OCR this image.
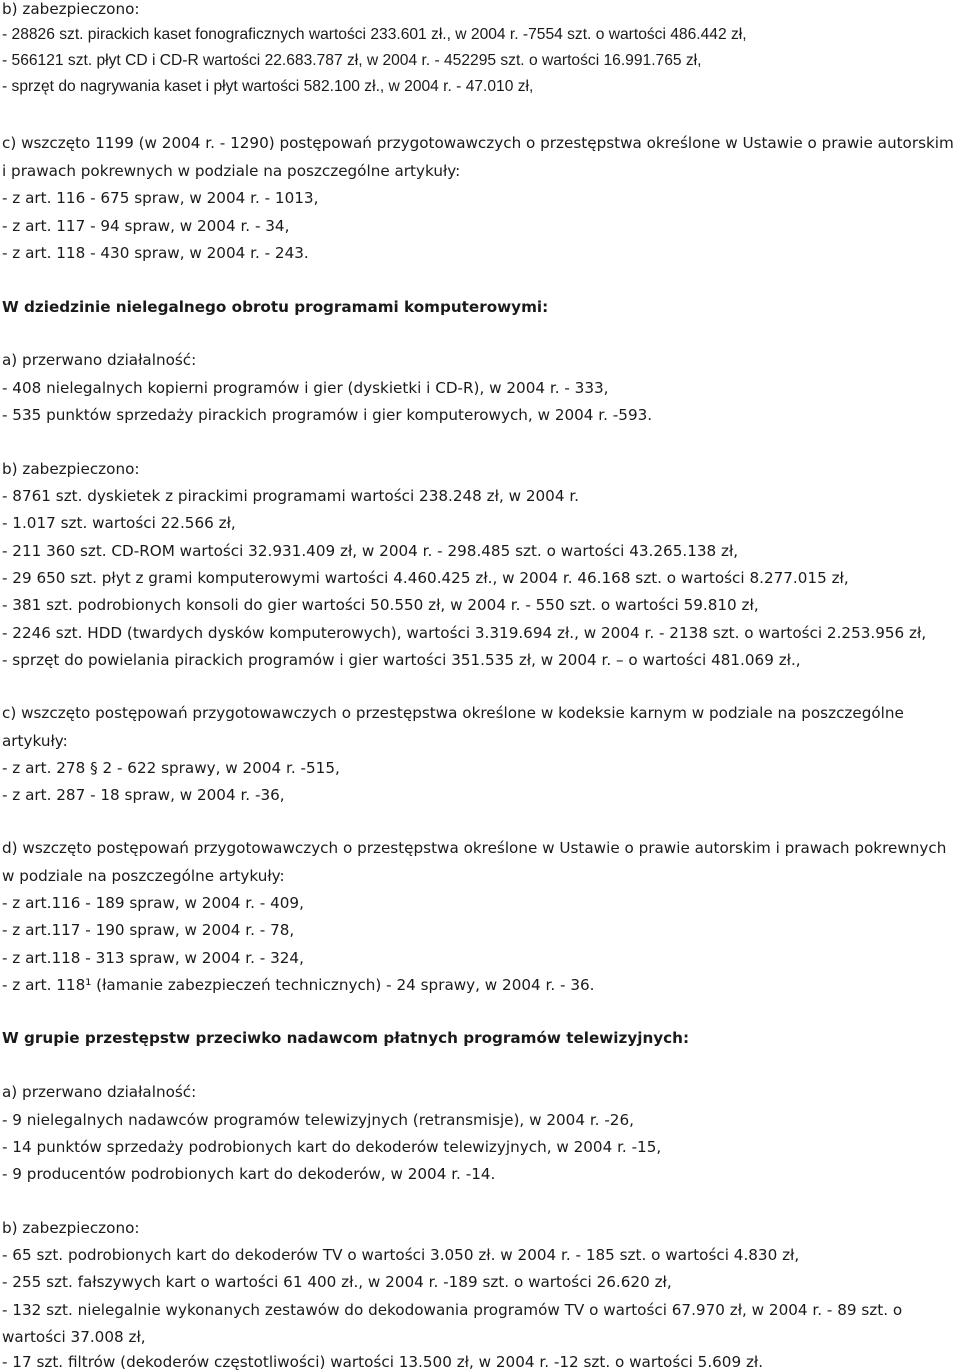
b) zabezpieczono:
- 28826 szt. pirackich kaset fonograficznych wartości 233.601 zł., w 2004 r. -7554 szt. o wartości 486.442 zł,
- 566121 szt. płyt CD i CD-R wartości 22.683.787 zł, w 2004 r. - 452295 szt. o wartości 16.991.765 zł,
- sprzęt do nagrywania kaset i płyt wartości 582.100 zł., w 2004 r. - 47.010 zł,
c) wszczęto 1199 (w 2004 r. - 1290) postępowań przygotowawczych o przestępstwa określone w Ustawie o prawie autorskim
i prawach pokrewnych w podziale na poszczególne artykuły:
- z art. 116 - 675 spraw, w 2004 r. - 1013,
- z art. 117 - 94 spraw, w 2004 r. - 34,
- z art. 118 - 430 spraw, w 2004 r. - 243.
W dziedzinie nielegalnego obrotu programami komputerowymi:
a) przerwano działalność:
- 408 nielegalnych kopierni programów i gier (dyskietki i CD-R), w 2004 r. - 333,
- 535 punktów sprzedaży pirackich programów i gier komputerowych, w 2004 r. -593.
b) zabezpieczono:
- 8761 szt. dyskietek z pirackimi programami wartości 238.248 zł, w 2004 r.
- 1.017 szt. wartości 22.566 zł,
- 211 360 szt. CD-ROM wartości 32.931.409 zł, w 2004 r. - 298.485 szt. o wartości 43.265.138 zł,
- 29 650 szt. płyt z grami komputerowymi wartości 4.460.425 zł., w 2004 r. 46.168 szt. o wartości 8.277.015 zł,
- 381 szt. podrobionych konsoli do gier wartości 50.550 zł, w 2004 r. - 550 szt. o wartości 59.810 zł,
- 2246 szt. HDD (twardych dysków komputerowych), wartości 3.319.694 zł., w 2004 r. - 2138 szt. o wartości 2.253.956 zł,
- sprzęt do powielania pirackich programów i gier wartości 351.535 zł, w 2004 r. – o wartości 481.069 zł.,
c) wszczęto postępowań przygotowawczych o przestępstwa określone w kodeksie karnym w podziale na poszczególne
artykuły:
- z art. 278 § 2 - 622 sprawy, w 2004 r. -515,
- z art. 287 - 18 spraw, w 2004 r. -36,
d) wszczęto postępowań przygotowawczych o przestępstwa określone w Ustawie o prawie autorskim i prawach pokrewnych
w podziale na poszczególne artykuły:
- z art.116 - 189 spraw, w 2004 r. - 409,
- z art.117 - 190 spraw, w 2004 r. - 78,
- z art.118 - 313 spraw, w 2004 r. - 324,
- z art. 118¹ (łamanie zabezpieczeń technicznych) - 24 sprawy, w 2004 r. - 36.
W grupie przestępstw przeciwko nadawcom płatnych programów telewizyjnych:
a) przerwano działalność:
- 9 nielegalnych nadawców programów telewizyjnych (retransmisje), w 2004 r. -26,
- 14 punktów sprzedaży podrobionych kart do dekoderów telewizyjnych, w 2004 r. -15,
- 9 producentów podrobionych kart do dekoderów, w 2004 r. -14.
b) zabezpieczono:
- 65 szt. podrobionych kart do dekoderów TV o wartości 3.050 zł. w 2004 r. - 185 szt. o wartości 4.830 zł,
- 255 szt. fałszywych kart o wartości 61 400 zł., w 2004 r. -189 szt. o wartości 26.620 zł,
- 132 szt. nielegalnie wykonanych zestawów do dekodowania programów TV o wartości 67.970 zł, w 2004 r. - 89 szt. o
wartości 37.008 zł,
- 17 szt. filtrów (dekoderów częstotliwości) wartości 13.500 zł, w 2004 r. -12 szt. o wartości 5.609 zł.
